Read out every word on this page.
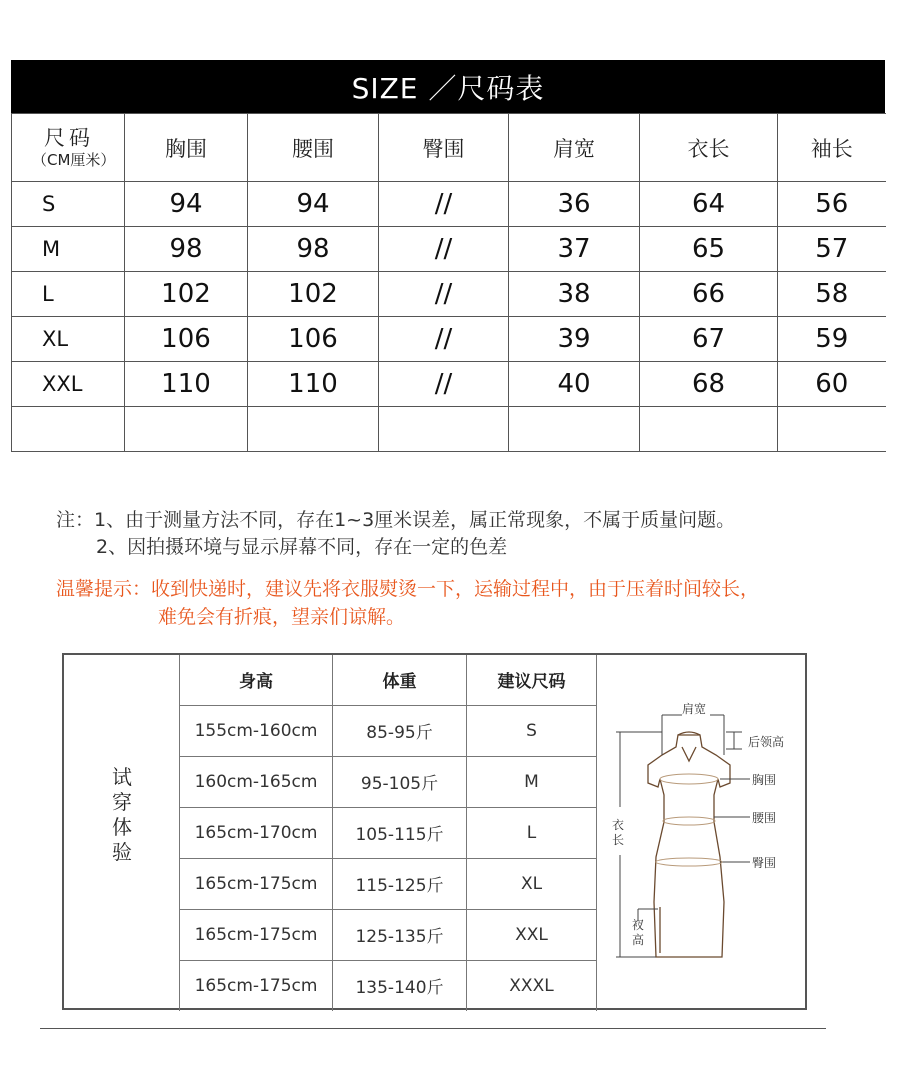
SIZE ／尺码表
尺码
（CM厘米）	胸围	腰围	臀围	肩宽	衣长	袖长
S	94	94	//	36	64	56
M	98	98	//	37	65	57
L	102	102	//	38	66	58
XL	106	106	//	39	67	59
XXL	110	110	//	40	68	60

注：1、由于测量方法不同，存在1~3厘米误差，属正常现象，不属于质量问题。
2、因拍摄环境与显示屏幕不同，存在一定的色差
温馨提示：收到快递时，建议先将衣服熨烫一下，运输过程中，由于压着时间较长，
难免会有折痕，望亲们谅解。
试
穿
体
验
身高	体重	建议尺码
155cm-160cm	85-95斤	S
160cm-165cm	95-105斤	M
165cm-170cm	105-115斤	L
165cm-175cm	115-125斤	XL
165cm-175cm	125-135斤	XXL
165cm-175cm	135-140斤	XXXL
肩宽
后领高
胸围
腰围
臀围
衣长
衩高
